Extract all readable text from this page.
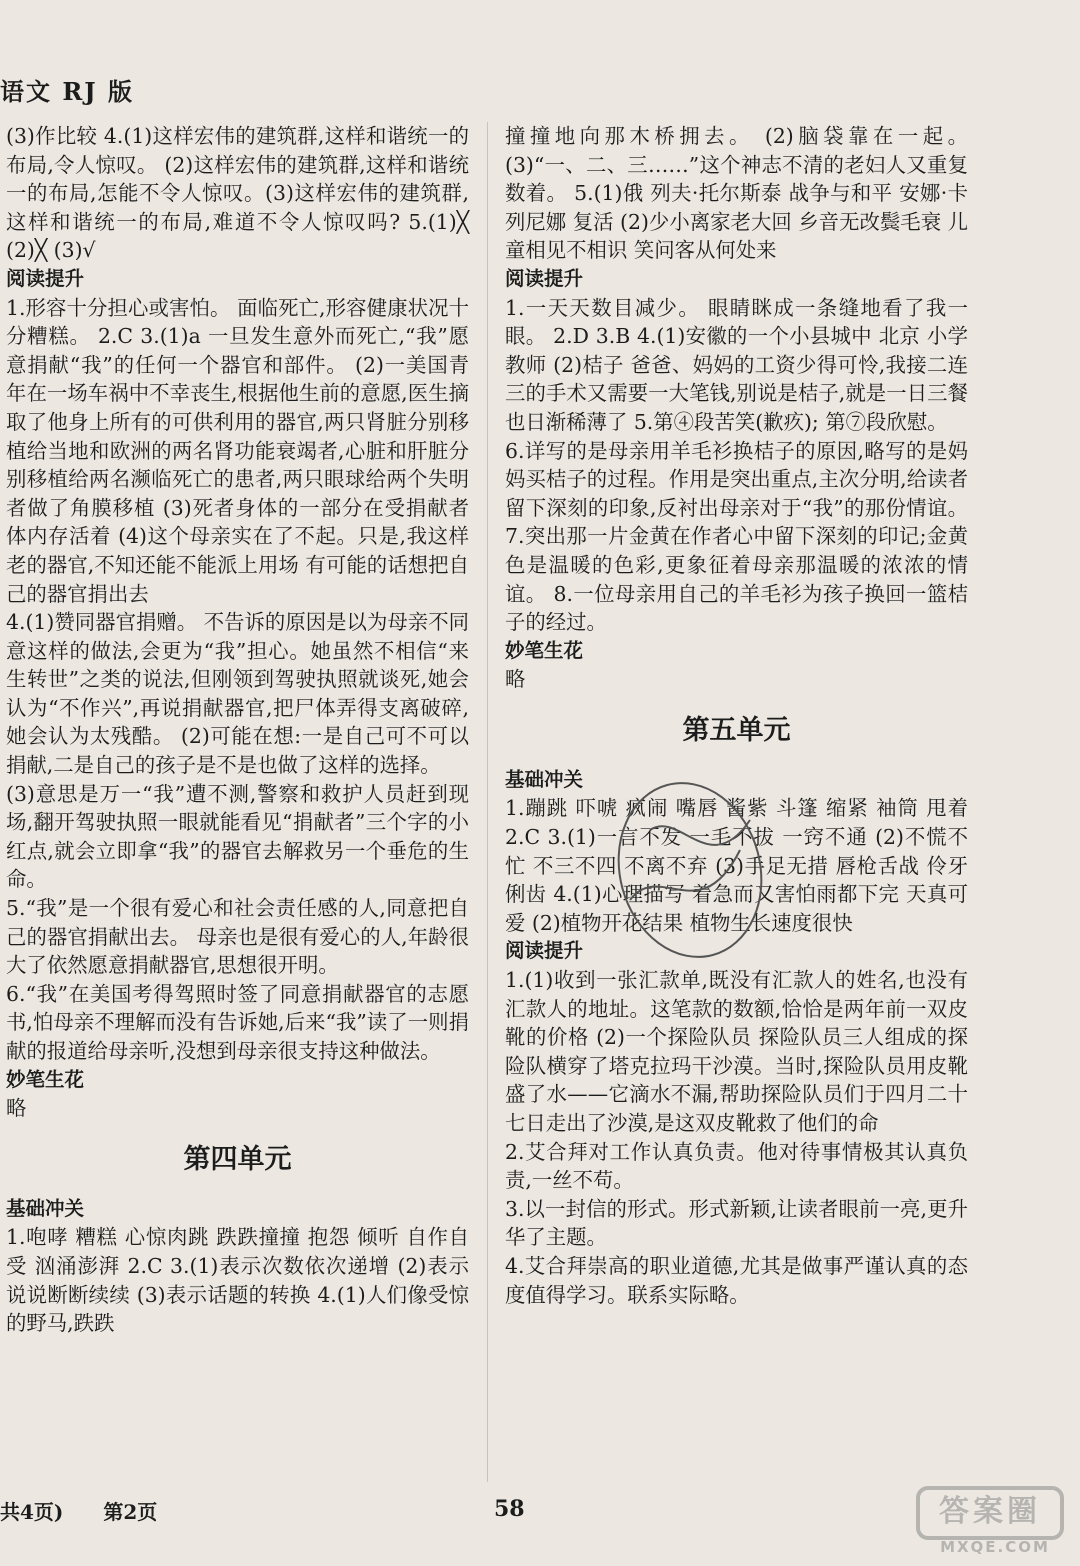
语文 RJ 版

(3)作比较 4.(1)这样宏伟的建筑群,这样和谐统一的布局,令人惊叹。 (2)这样宏伟的建筑群,这样和谐统一的布局,怎能不令人惊叹。(3)这样宏伟的建筑群,这样和谐统一的布局,难道不令人惊叹吗? 5.(1)╳ (2)╳ (3)√

阅读提升

1.形容十分担心或害怕。 面临死亡,形容健康状况十分糟糕。 2.C 3.(1)a 一旦发生意外而死亡,“我”愿意捐献“我”的任何一个器官和部件。 (2)一美国青年在一场车祸中不幸丧生,根据他生前的意愿,医生摘取了他身上所有的可供利用的器官,两只肾脏分别移植给当地和欧洲的两名肾功能衰竭者,心脏和肝脏分别移植给两名濒临死亡的患者,两只眼球给两个失明者做了角膜移植 (3)死者身体的一部分在受捐献者体内存活着 (4)这个母亲实在了不起。只是,我这样老的器官,不知还能不能派上用场 有可能的话想把自己的器官捐出去

4.(1)赞同器官捐赠。 不告诉的原因是以为母亲不同意这样的做法,会更为“我”担心。她虽然不相信“来生转世”之类的说法,但刚领到驾驶执照就谈死,她会认为“不作兴”,再说捐献器官,把尸体弄得支离破碎,她会认为太残酷。 (2)可能在想:一是自己可不可以捐献,二是自己的孩子是不是也做了这样的选择。

(3)意思是万一“我”遭不测,警察和救护人员赶到现场,翻开驾驶执照一眼就能看见“捐献者”三个字的小红点,就会立即拿“我”的器官去解救另一个垂危的生命。

5.“我”是一个很有爱心和社会责任感的人,同意把自己的器官捐献出去。 母亲也是很有爱心的人,年龄很大了依然愿意捐献器官,思想很开明。

6.“我”在美国考得驾照时签了同意捐献器官的志愿书,怕母亲不理解而没有告诉她,后来“我”读了一则捐献的报道给母亲听,没想到母亲很支持这种做法。

妙笔生花

略

第四单元

基础冲关

1.咆哮 糟糕 心惊肉跳 跌跌撞撞 抱怨 倾听 自作自受 汹涌澎湃 2.C 3.(1)表示次数依次递增 (2)表示说说断断续续 (3)表示话题的转换 4.(1)人们像受惊的野马,跌跌

撞撞地向那木桥拥去。 (2)脑袋靠在一起。 (3)“一、二、三……”这个神志不清的老妇人又重复数着。 5.(1)俄 列夫·托尔斯泰 战争与和平 安娜·卡列尼娜 复活 (2)少小离家老大回 乡音无改鬓毛衰 儿童相见不相识 笑问客从何处来

阅读提升

1.一天天数目减少。 眼睛眯成一条缝地看了我一眼。 2.D 3.B 4.(1)安徽的一个小县城中 北京 小学教师 (2)桔子 爸爸、妈妈的工资少得可怜,我接二连三的手术又需要一大笔钱,别说是桔子,就是一日三餐也日渐稀薄了 5.第④段苦笑(歉疚); 第⑦段欣慰。

6.详写的是母亲用羊毛衫换桔子的原因,略写的是妈妈买桔子的过程。作用是突出重点,主次分明,给读者留下深刻的印象,反衬出母亲对于“我”的那份情谊。 7.突出那一片金黄在作者心中留下深刻的印记;金黄色是温暖的色彩,更象征着母亲那温暖的浓浓的情谊。 8.一位母亲用自己的羊毛衫为孩子换回一篮桔子的经过。

妙笔生花

略

第五单元

基础冲关

1.蹦跳 吓唬 疯闹 嘴唇 酱紫 斗篷 缩紧 袖筒 甩着 2.C 3.(1)一言不发 一毛不拔 一窍不通 (2)不慌不忙 不三不四 不离不弃 (3)手足无措 唇枪舌战 伶牙俐齿 4.(1)心理描写 着急而又害怕雨都下完 天真可爱 (2)植物开花结果 植物生长速度很快

阅读提升

1.(1)收到一张汇款单,既没有汇款人的姓名,也没有汇款人的地址。这笔款的数额,恰恰是两年前一双皮靴的价格 (2)一个探险队员 探险队员三人组成的探险队横穿了塔克拉玛干沙漠。当时,探险队员用皮靴盛了水——它滴水不漏,帮助探险队员们于四月二十七日走出了沙漠,是这双皮靴救了他们的命

2.艾合拜对工作认真负责。他对待事情极其认真负责,一丝不苟。

3.以一封信的形式。形式新颖,让读者眼前一亮,更升华了主题。

4.艾合拜崇高的职业道德,尤其是做事严谨认真的态度值得学习。联系实际略。

共4页)　　第2页	58	答案圈
MXQE.COM
